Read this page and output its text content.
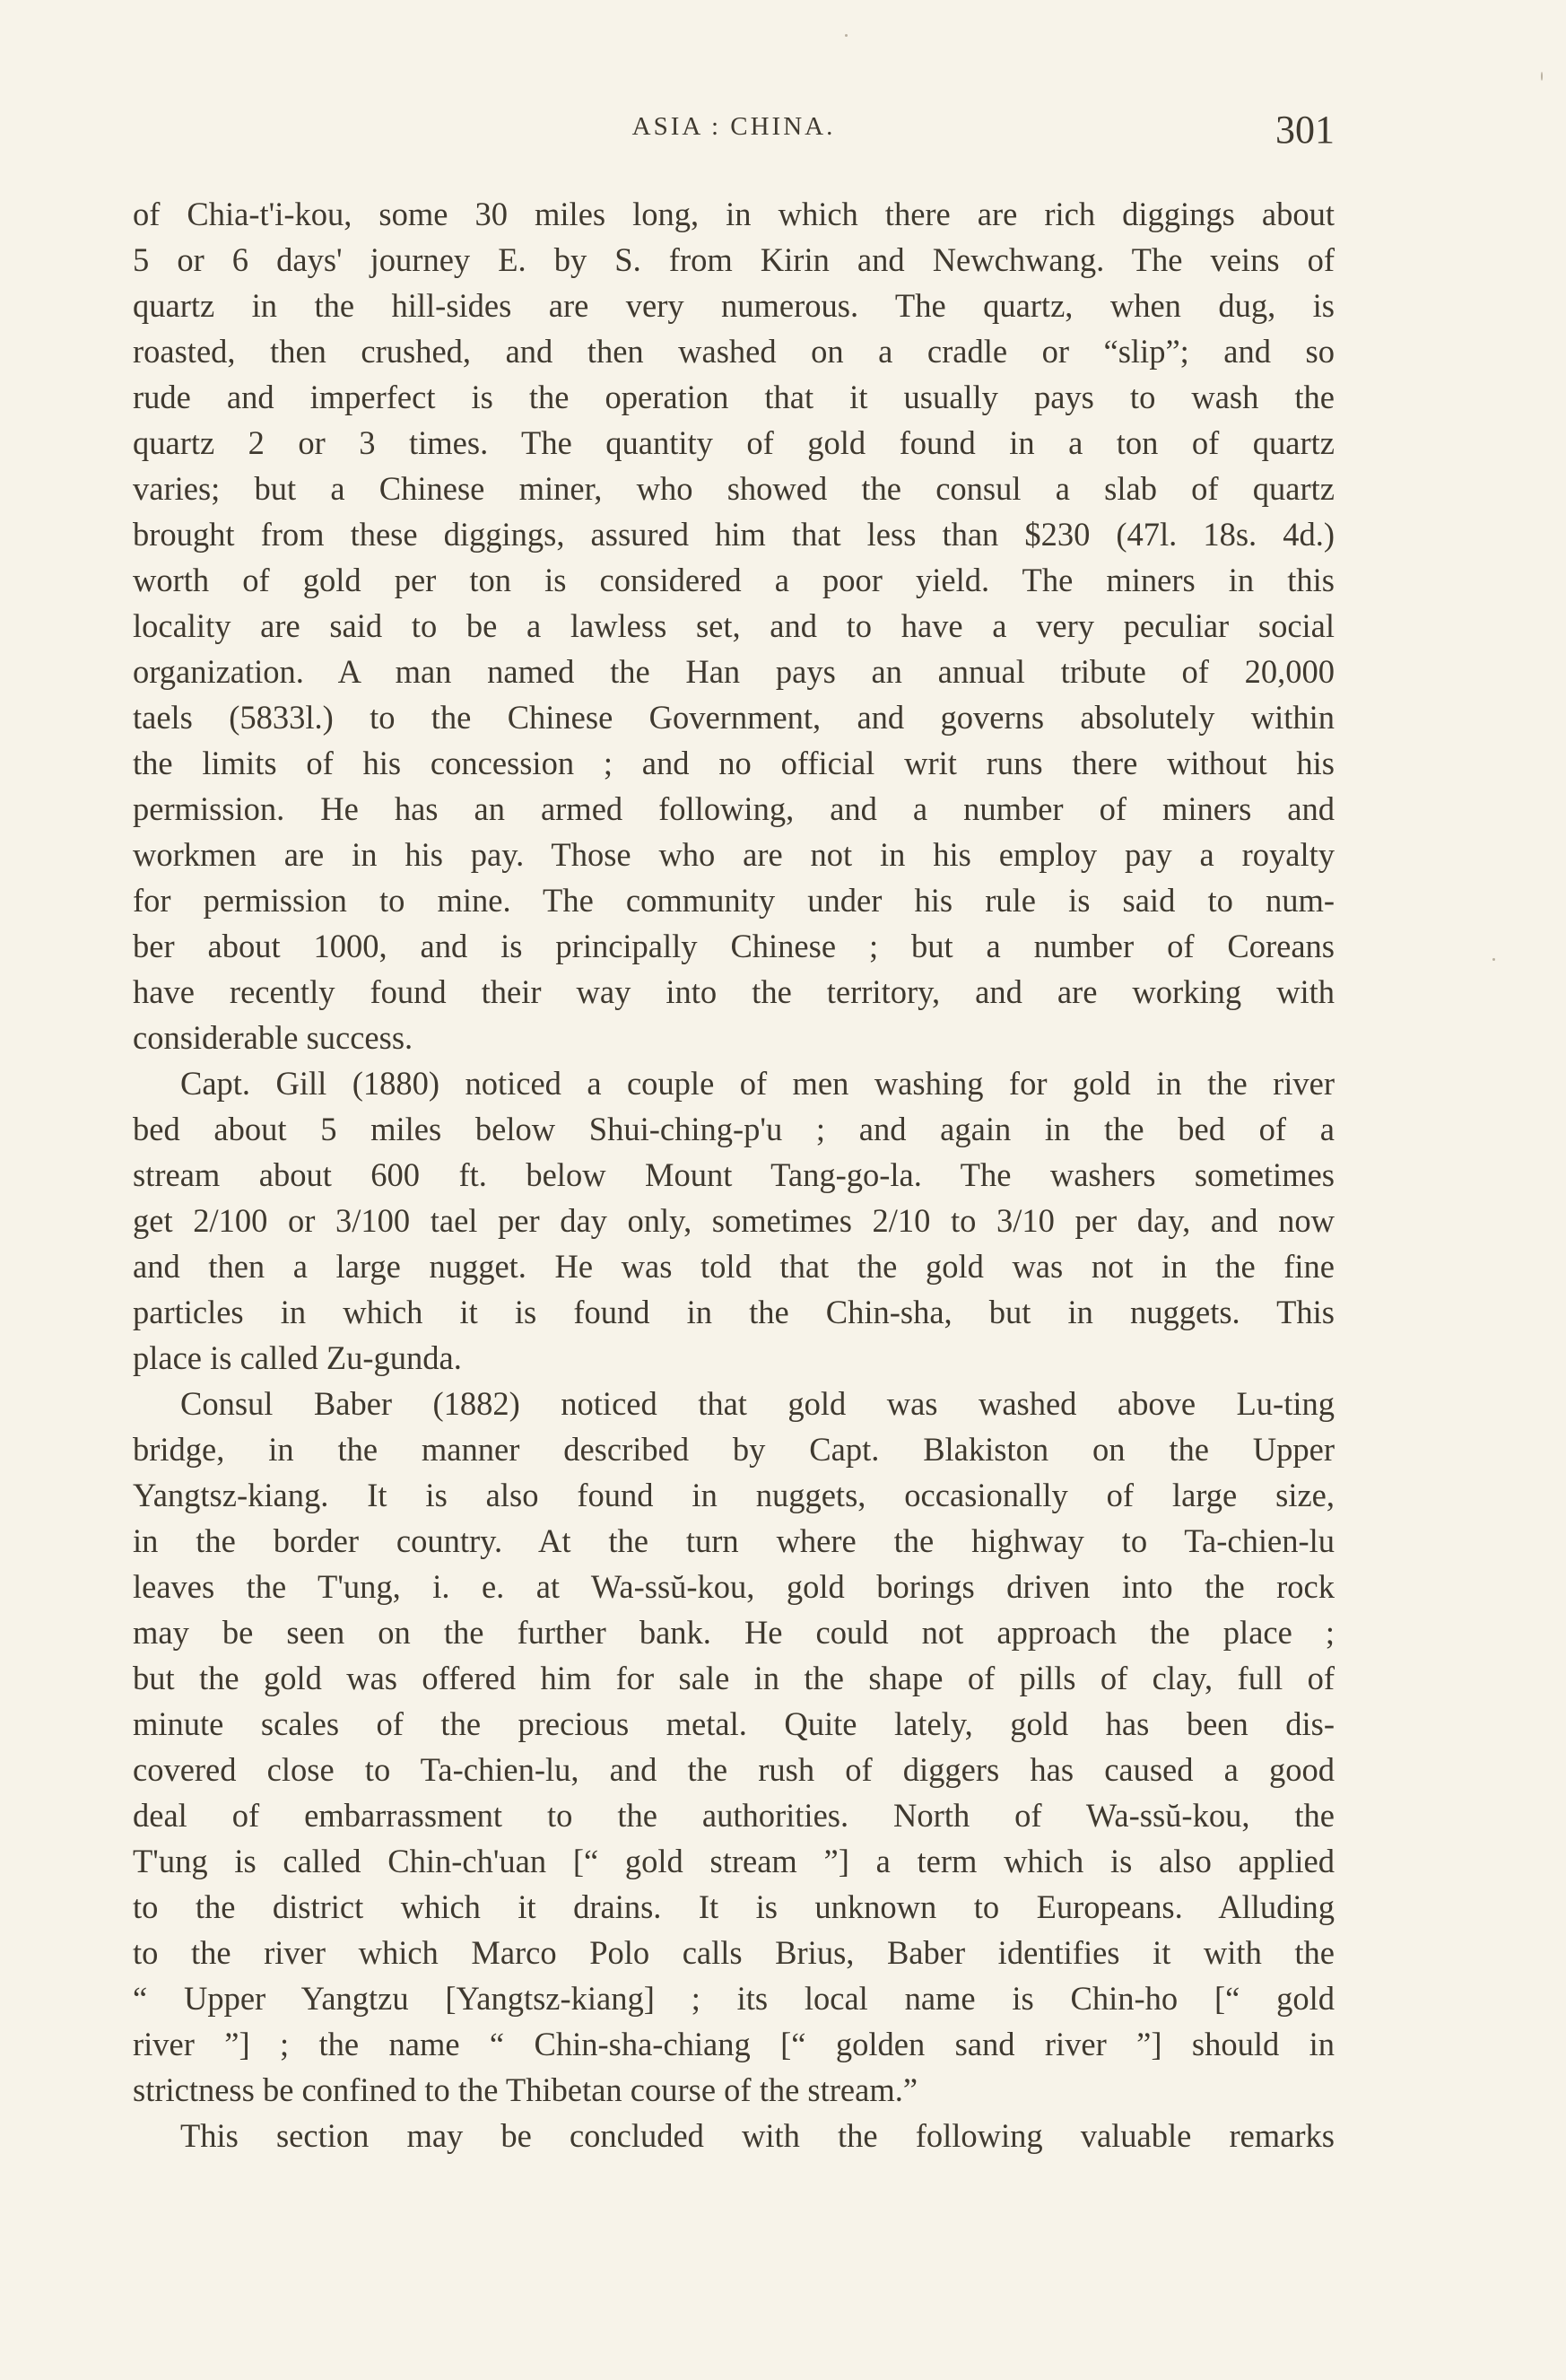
ASIA : CHINA.	301
of Chia-t'i-kou, some 30 miles long, in which there are rich diggings about
5 or 6 days' journey E. by S. from Kirin and Newchwang. The veins of
quartz in the hill-sides are very numerous. The quartz, when dug, is
roasted, then crushed, and then washed on a cradle or “slip”; and so
rude and imperfect is the operation that it usually pays to wash the
quartz 2 or 3 times. The quantity of gold found in a ton of quartz
varies; but a Chinese miner, who showed the consul a slab of quartz
brought from these diggings, assured him that less than $230 (47l. 18s. 4d.)
worth of gold per ton is considered a poor yield. The miners in this
locality are said to be a lawless set, and to have a very peculiar social
organization. A man named the Han pays an annual tribute of 20,000
taels (5833l.) to the Chinese Government, and governs absolutely within
the limits of his concession ; and no official writ runs there without his
permission. He has an armed following, and a number of miners and
workmen are in his pay. Those who are not in his employ pay a royalty
for permission to mine. The community under his rule is said to num-
ber about 1000, and is principally Chinese ; but a number of Coreans
have recently found their way into the territory, and are working with
considerable success.
Capt. Gill (1880) noticed a couple of men washing for gold in the river
bed about 5 miles below Shui-ching-p'u ; and again in the bed of a
stream about 600 ft. below Mount Tang-go-la. The washers sometimes
get 2/100 or 3/100 tael per day only, sometimes 2/10 to 3/10 per day, and now
and then a large nugget. He was told that the gold was not in the fine
particles in which it is found in the Chin-sha, but in nuggets. This
place is called Zu-gunda.
Consul Baber (1882) noticed that gold was washed above Lu-ting
bridge, in the manner described by Capt. Blakiston on the Upper
Yangtsz-kiang. It is also found in nuggets, occasionally of large size,
in the border country. At the turn where the highway to Ta-chien-lu
leaves the T'ung, i. e. at Wa-ssŭ-kou, gold borings driven into the rock
may be seen on the further bank. He could not approach the place ;
but the gold was offered him for sale in the shape of pills of clay, full of
minute scales of the precious metal. Quite lately, gold has been dis-
covered close to Ta-chien-lu, and the rush of diggers has caused a good
deal of embarrassment to the authorities. North of Wa-ssŭ-kou, the
T'ung is called Chin-ch'uan [“ gold stream ”] a term which is also applied
to the district which it drains. It is unknown to Europeans. Alluding
to the river which Marco Polo calls Brius, Baber identifies it with the
“ Upper Yangtzu [Yangtsz-kiang] ; its local name is Chin-ho [“ gold
river ”] ; the name “ Chin-sha-chiang [“ golden sand river ”] should in
strictness be confined to the Thibetan course of the stream.”
This section may be concluded with the following valuable remarks
